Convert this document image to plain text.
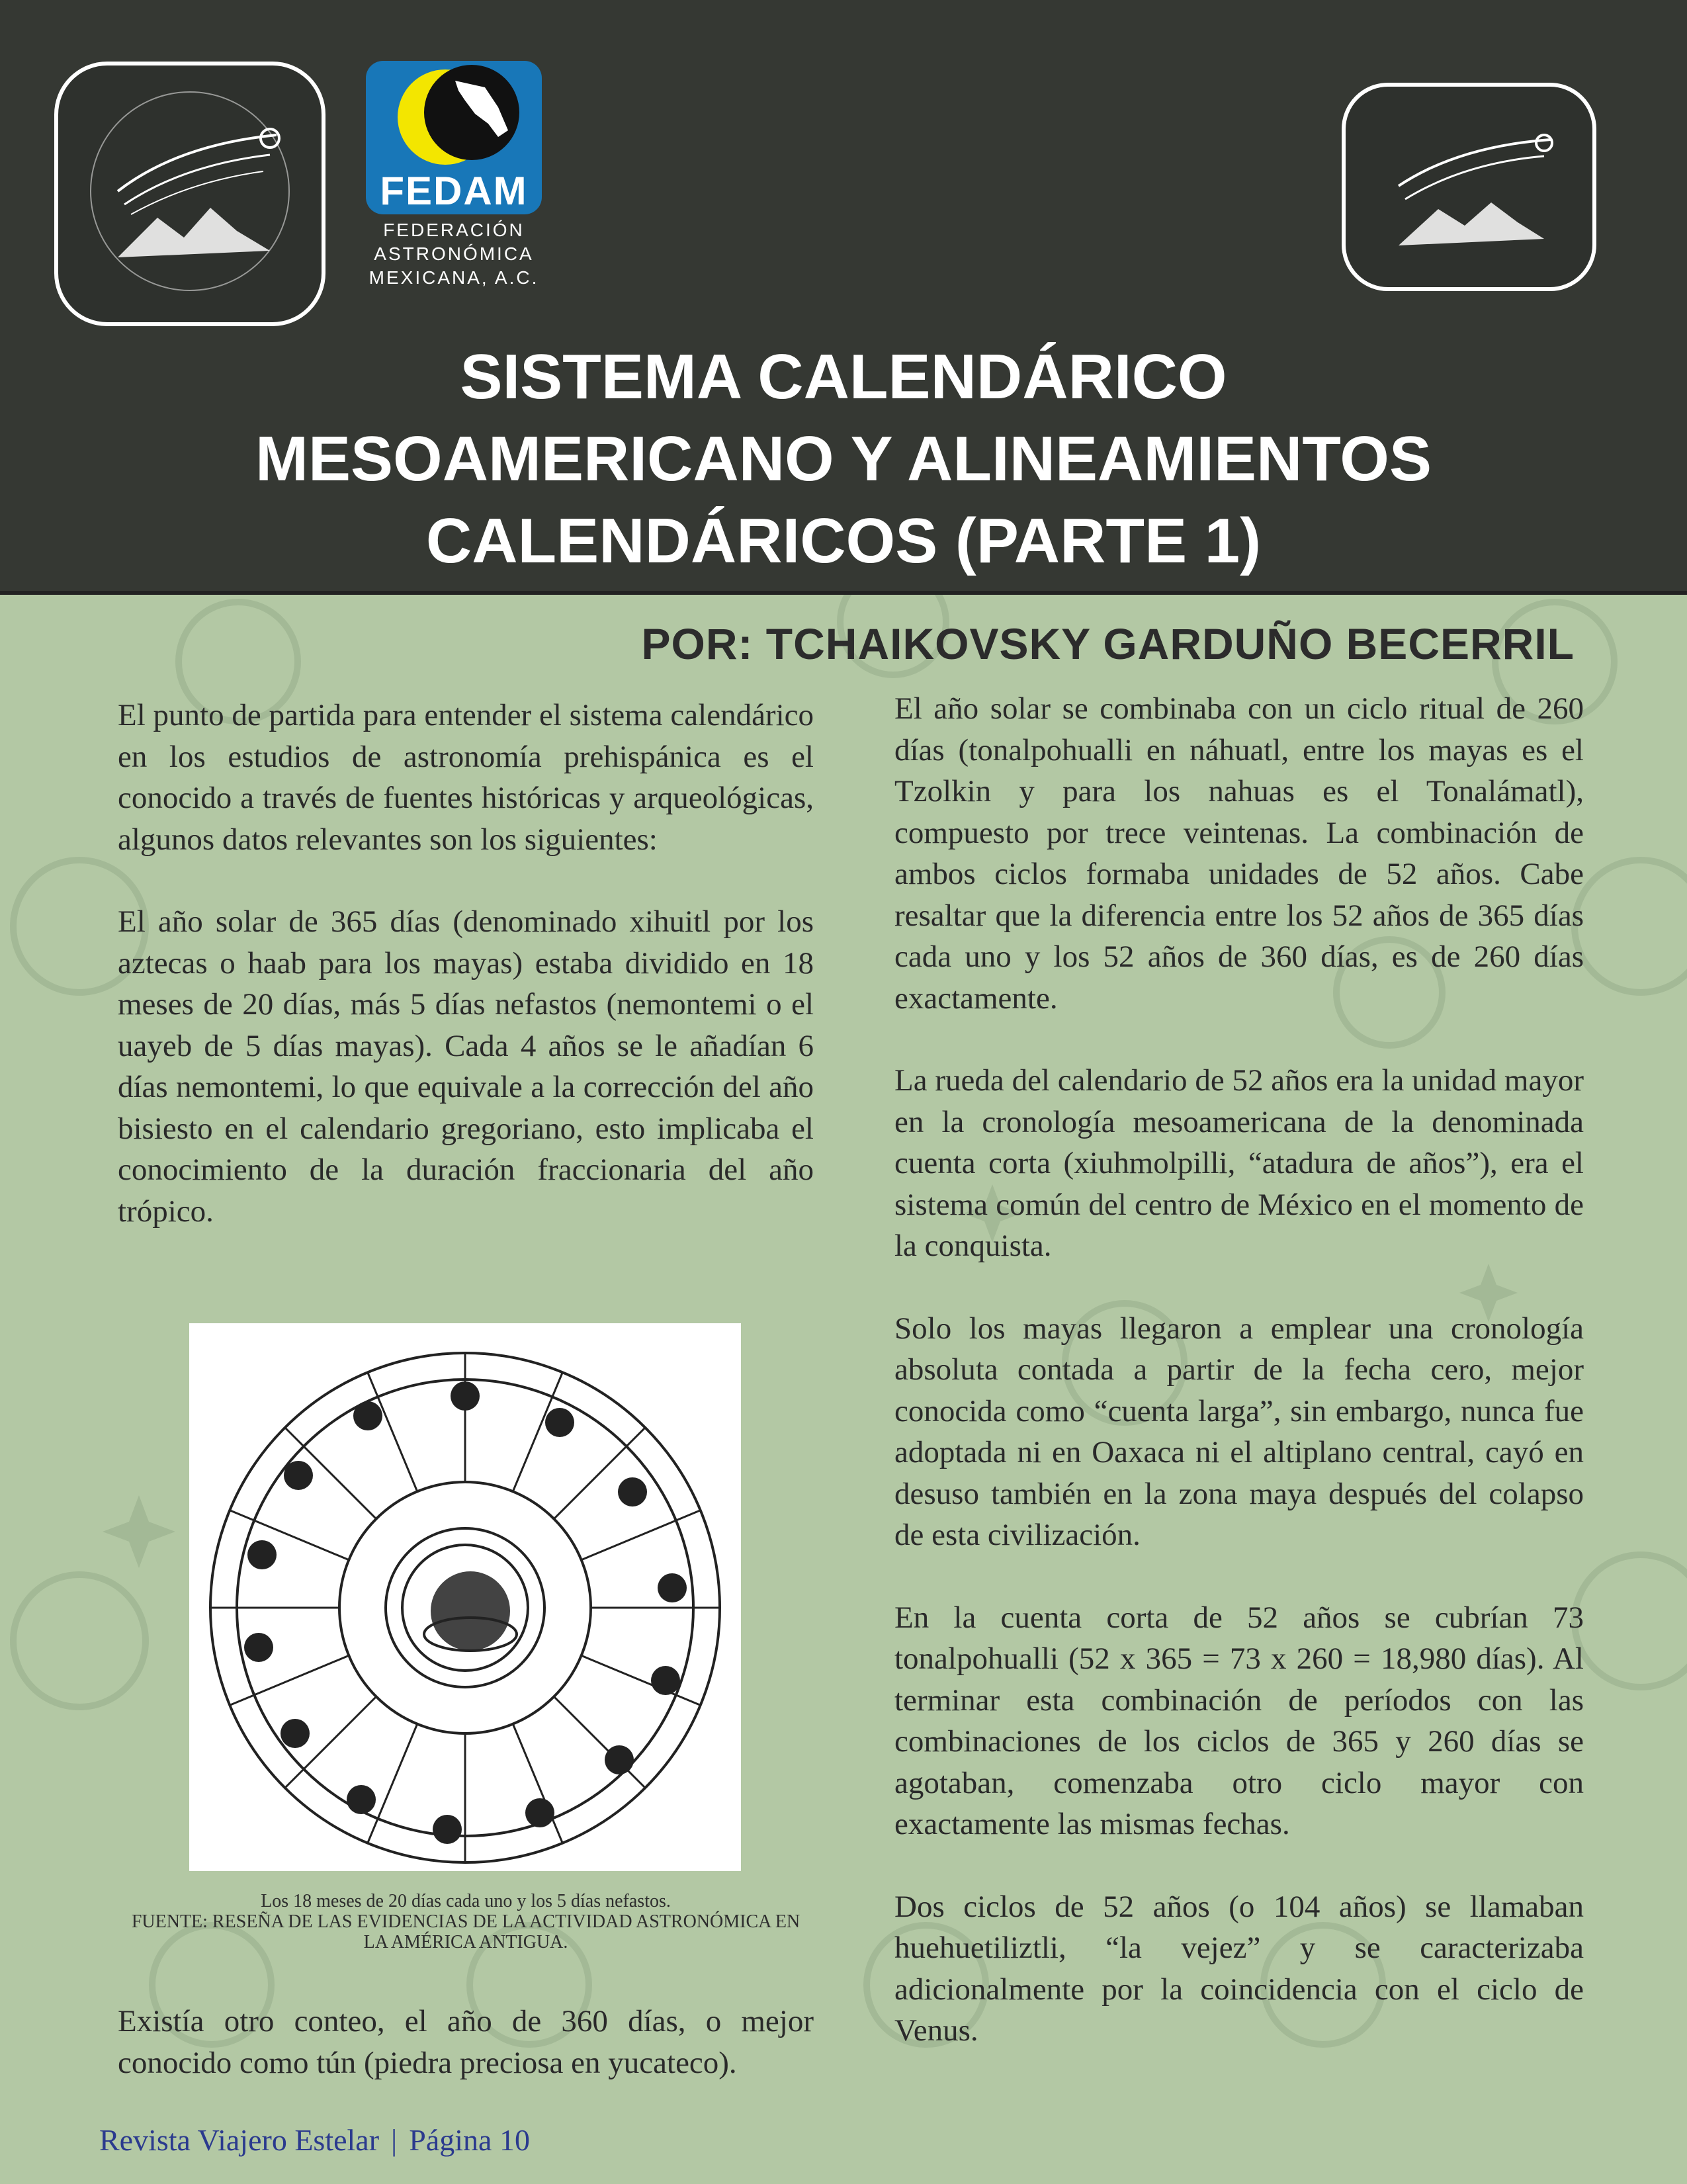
FEDAM
FEDERACIÓN
ASTRONÓMICA
MEXICANA, A.C.
SISTEMA CALENDÁRICO
MESOAMERICANO Y ALINEAMIENTOS
CALENDÁRICOS (PARTE 1)
POR: TCHAIKOVSKY GARDUÑO BECERRIL

El punto de partida para entender el sistema calendárico en los estudios de astronomía prehispánica es el conocido a través de fuentes históricas y arqueológicas, algunos datos relevantes son los siguientes:

El año solar de 365 días (denominado xihuitl por los aztecas o haab para los mayas) estaba dividido en 18 meses de 20 días, más 5 días nefastos (nemontemi o el uayeb de 5 días mayas). Cada 4 años se le añadían 6 días nemontemi, lo que equivale a la corrección del año bisiesto en el calendario gregoriano, esto implicaba el conocimiento de la duración fraccionaria del año trópico.

Los 18 meses de 20 días cada uno y los 5 días nefastos.
FUENTE: RESEÑA DE LAS EVIDENCIAS DE LA ACTIVIDAD ASTRONÓMICA EN
LA AMÉRICA ANTIGUA.

Existía otro conteo, el año de 360 días, o mejor conocido como tún (piedra preciosa en yucateco).

El año solar se combinaba con un ciclo ritual de 260 días (tonalpohualli en náhuatl, entre los mayas es el Tzolkin y para los nahuas es el Tonalámatl), compuesto por trece veintenas. La combinación de ambos ciclos formaba unidades de 52 años. Cabe resaltar que la diferencia entre los 52 años de 365 días cada uno y los 52 años de 360 días, es de 260 días exactamente.

La rueda del calendario de 52 años era la unidad mayor en la cronología mesoamericana de la denominada cuenta corta (xiuhmolpilli, “atadura de años”), era el sistema común del centro de México en el momento de la conquista.

Solo los mayas llegaron a emplear una cronología absoluta contada a partir de la fecha cero, mejor conocida como “cuenta larga”, sin embargo, nunca fue adoptada ni en Oaxaca ni el altiplano central, cayó en desuso también en la zona maya después del colapso de esta civilización.

En la cuenta corta de 52 años se cubrían 73 tonalpohualli (52 x 365 = 73 x 260 = 18,980 días). Al terminar esta combinación de períodos con las combinaciones de los ciclos de 365 y 260 días se agotaban, comenzaba otro ciclo mayor con exactamente las mismas fechas.

Dos ciclos de 52 años (o 104 años) se llamaban huehuetiliztli, “la vejez” y se caracterizaba adicionalmente por la coincidencia con el ciclo de Venus.

Revista Viajero Estelar | Página 10
